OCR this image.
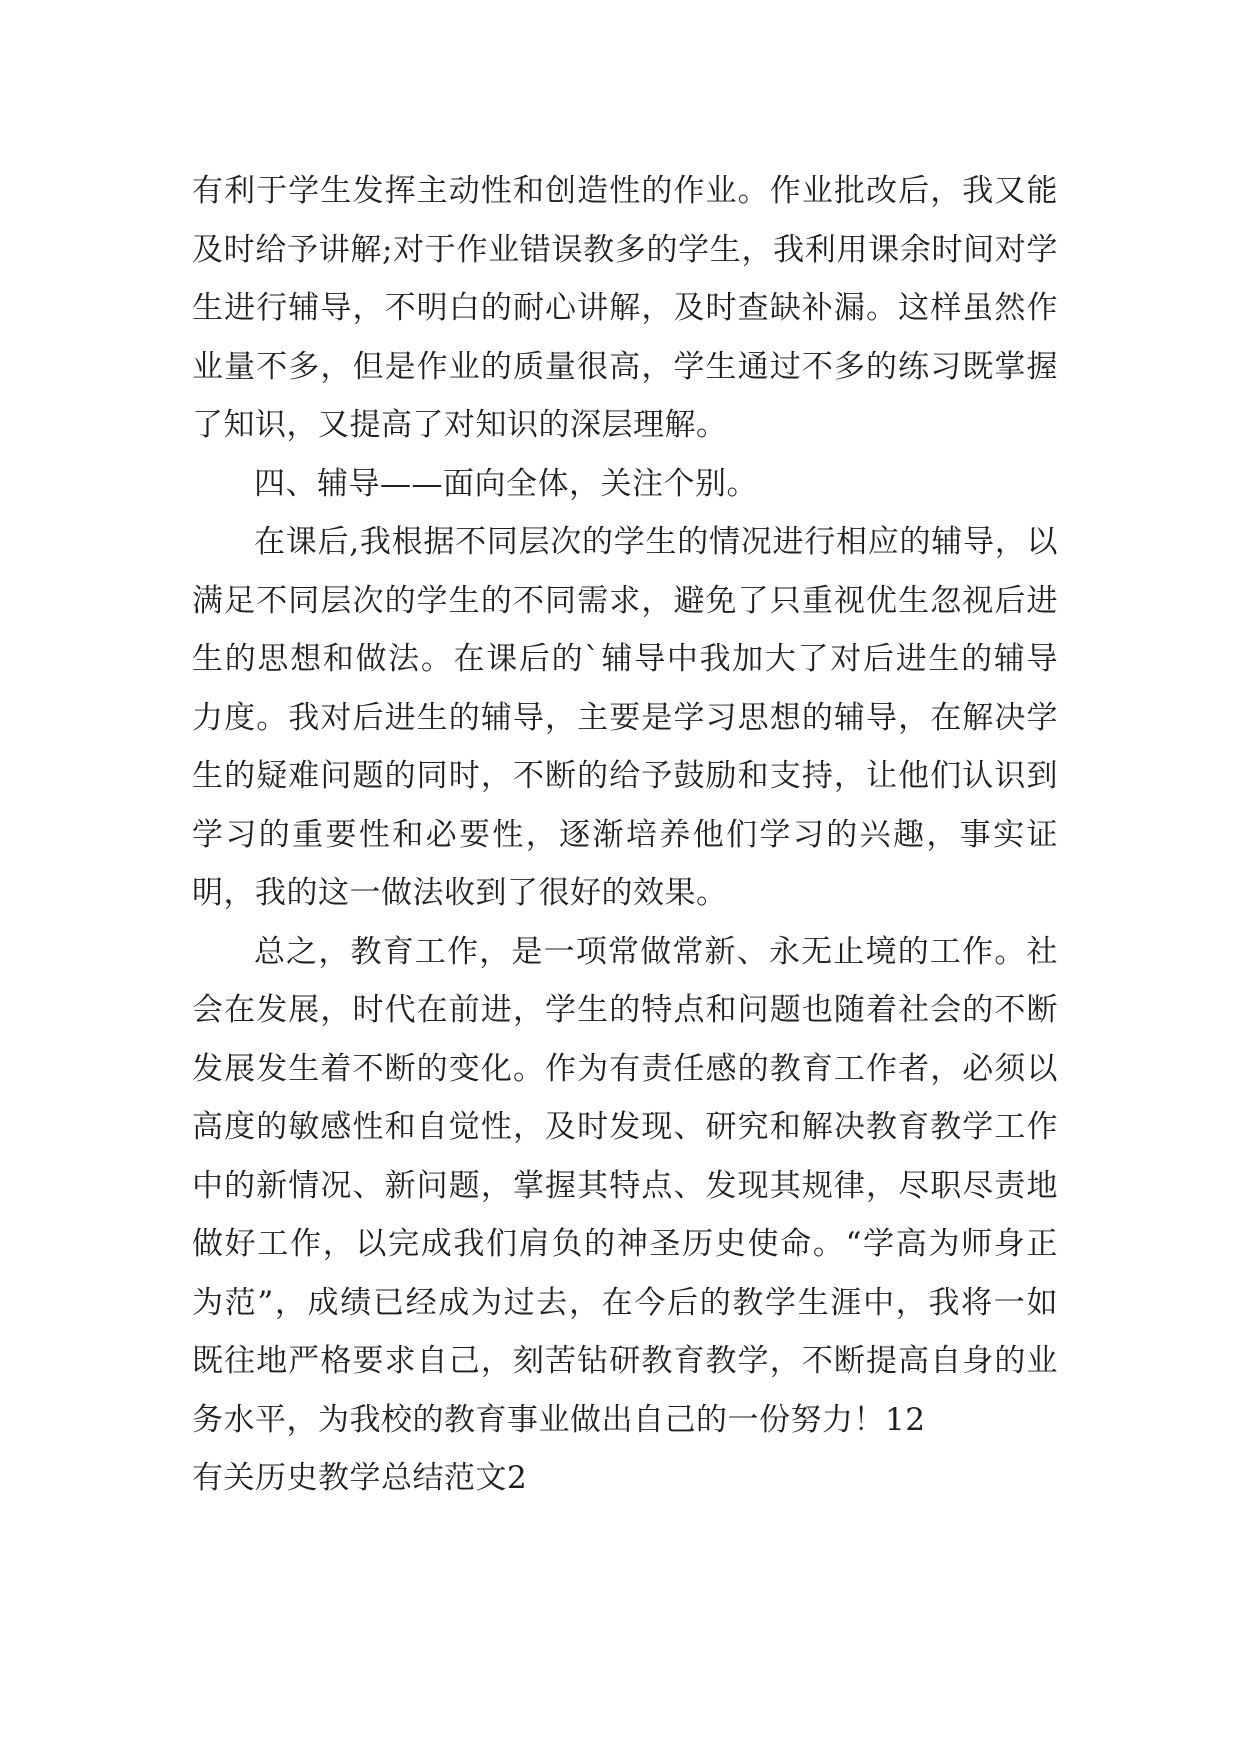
有利于学生发挥主动性和创造性的作业。作业批改后，我又能及时给予讲解;对于作业错误教多的学生，我利用课余时间对学生进行辅导，不明白的耐心讲解，及时查缺补漏。这样虽然作业量不多，但是作业的质量很高，学生通过不多的练习既掌握了知识，又提高了对知识的深层理解。

四、辅导——面向全体，关注个别。

在课后,我根据不同层次的学生的情况进行相应的辅导，以满足不同层次的学生的不同需求，避免了只重视优生忽视后进生的思想和做法。在课后的`辅导中我加大了对后进生的辅导力度。我对后进生的辅导，主要是学习思想的辅导，在解决学生的疑难问题的同时，不断的给予鼓励和支持，让他们认识到学习的重要性和必要性，逐渐培养他们学习的兴趣，事实证明，我的这一做法收到了很好的效果。

总之，教育工作，是一项常做常新、永无止境的工作。社会在发展，时代在前进，学生的特点和问题也随着社会的不断发展发生着不断的变化。作为有责任感的教育工作者，必须以高度的敏感性和自觉性，及时发现、研究和解决教育教学工作中的新情况、新问题，掌握其特点、发现其规律，尽职尽责地做好工作，以完成我们肩负的神圣历史使命。“学高为师身正为范”，成绩已经成为过去，在今后的教学生涯中，我将一如既往地严格要求自己，刻苦钻研教育教学，不断提高自身的业务水平，为我校的教育事业做出自己的一份努力！12

有关历史教学总结范文2
